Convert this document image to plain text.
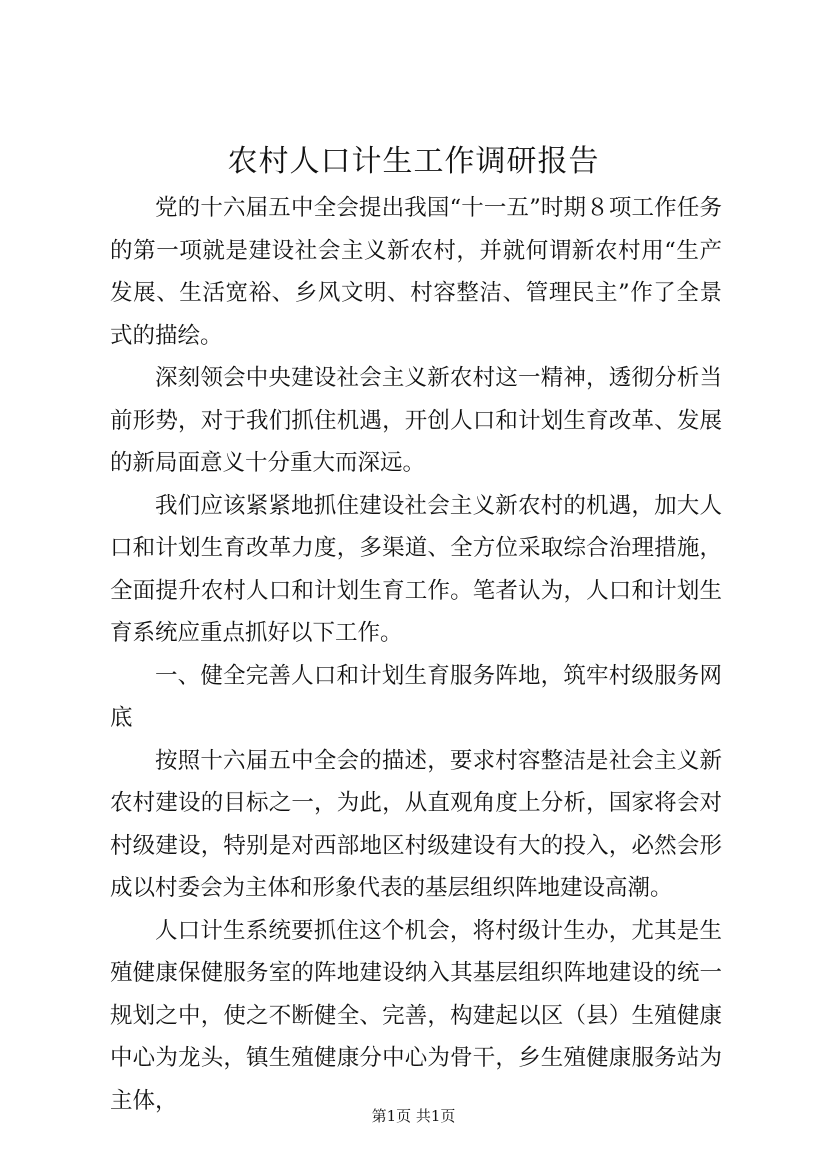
农村人口计生工作调研报告

党的十六届五中全会提出我国“十一五”时期８项工作任务的第一项就是建设社会主义新农村，并就何谓新农村用“生产发展、生活宽裕、乡风文明、村容整洁、管理民主”作了全景式的描绘。

深刻领会中央建设社会主义新农村这一精神，透彻分析当前形势，对于我们抓住机遇，开创人口和计划生育改革、发展的新局面意义十分重大而深远。

我们应该紧紧地抓住建设社会主义新农村的机遇，加大人口和计划生育改革力度，多渠道、全方位采取综合治理措施，全面提升农村人口和计划生育工作。笔者认为，人口和计划生育系统应重点抓好以下工作。

一、健全完善人口和计划生育服务阵地，筑牢村级服务网底

按照十六届五中全会的描述，要求村容整洁是社会主义新农村建设的目标之一，为此，从直观角度上分析，国家将会对村级建设，特别是对西部地区村级建设有大的投入，必然会形成以村委会为主体和形象代表的基层组织阵地建设高潮。

人口计生系统要抓住这个机会，将村级计生办，尤其是生殖健康保健服务室的阵地建设纳入其基层组织阵地建设的统一规划之中，使之不断健全、完善，构建起以区（县）生殖健康中心为龙头，镇生殖健康分中心为骨干，乡生殖健康服务站为主体，

第1页 共1页
